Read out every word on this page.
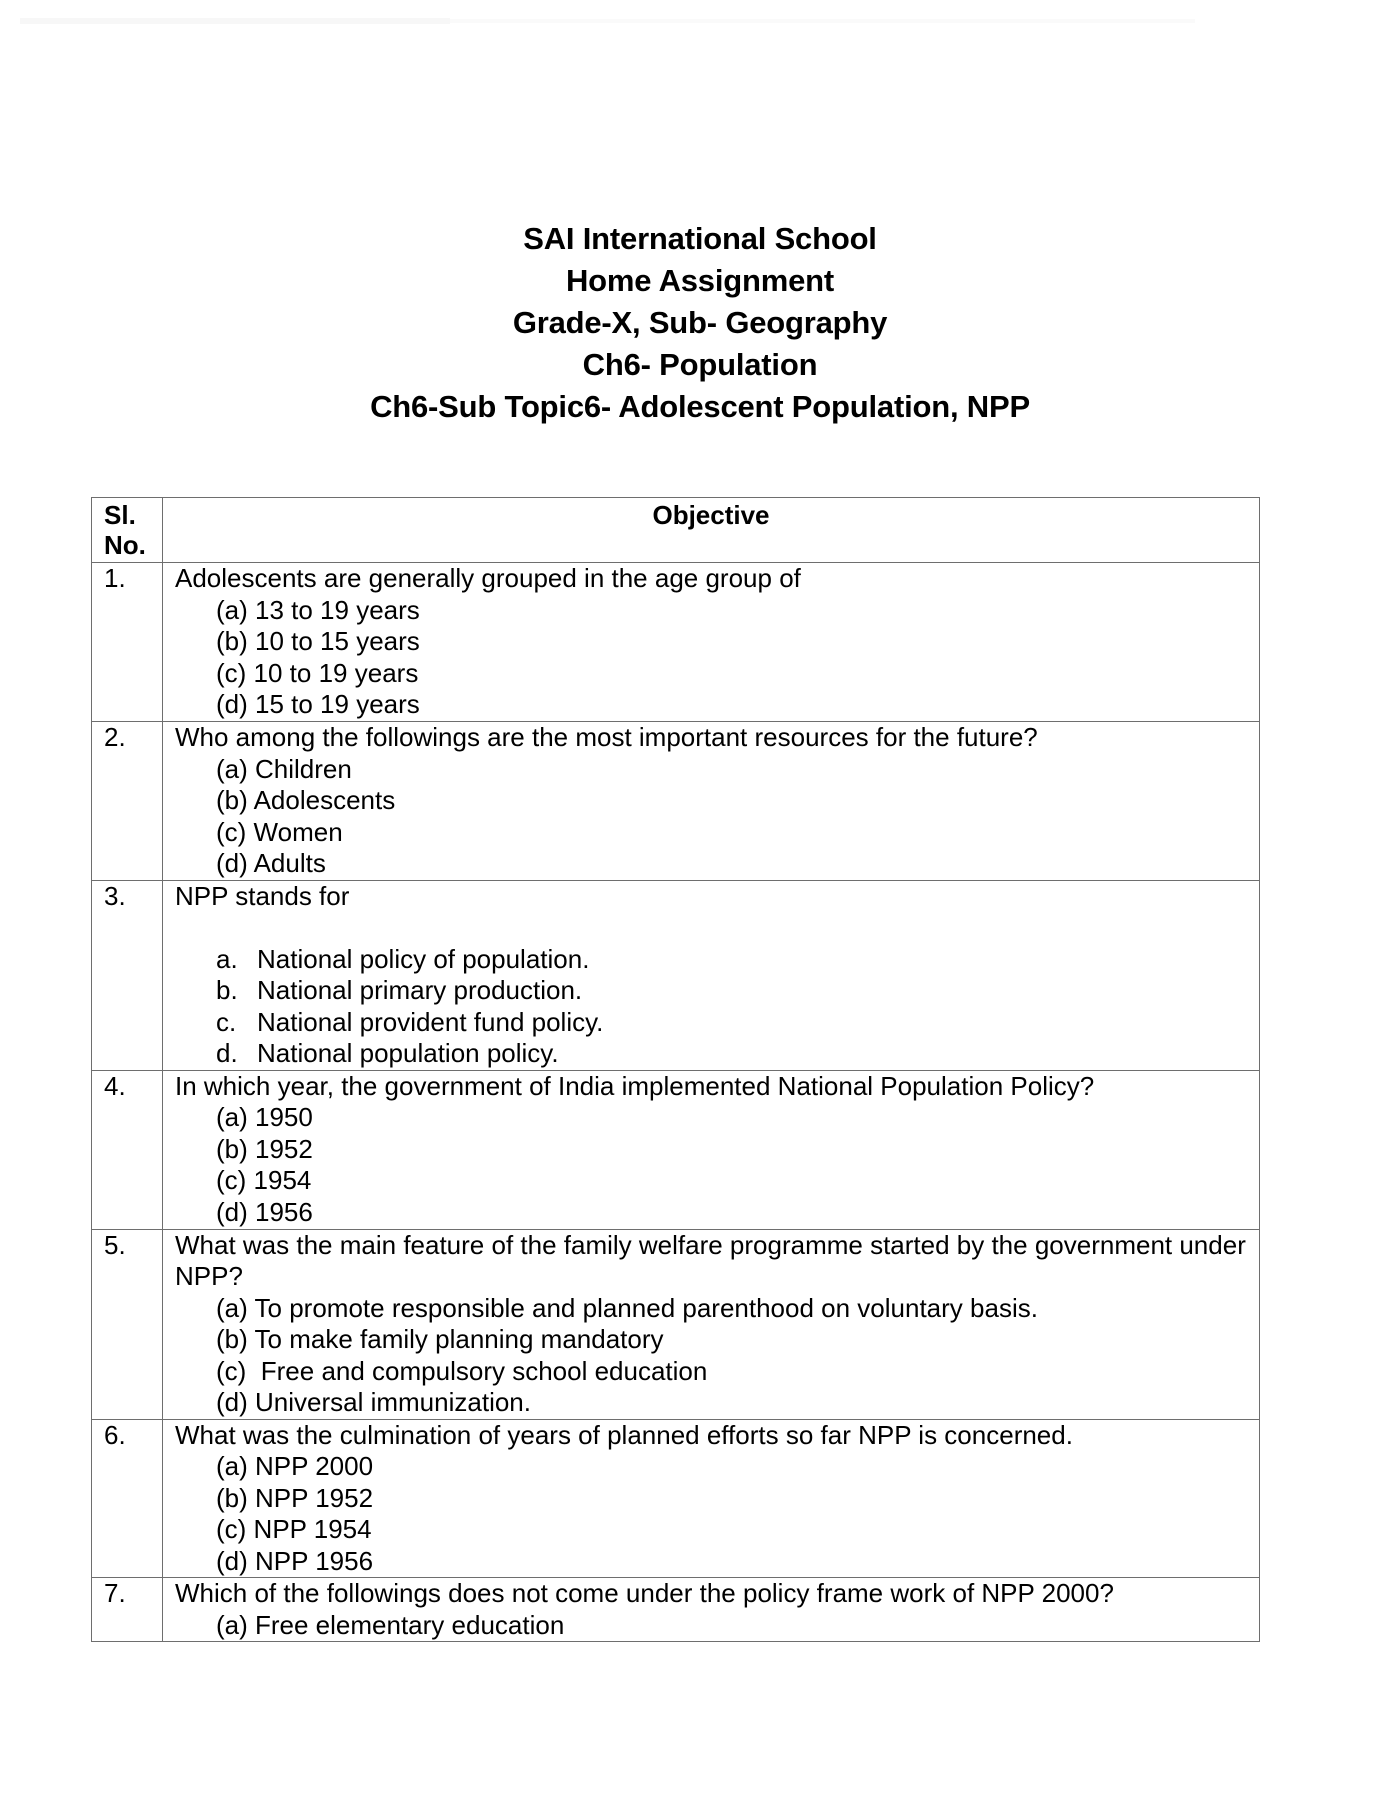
SAI International School
Home Assignment
Grade-X, Sub- Geography
Ch6- Population
Ch6-Sub Topic6- Adolescent Population, NPP
Sl.
No.	Objective
1.	Adolescents are generally grouped in the age group of
(a) 13 to 19 years
(b) 10 to 15 years
(c) 10 to 19 years
(d) 15 to 19 years

2.	Who among the followings are the most important resources for the future?
(a) Children
(b) Adolescents
(c) Women
(d) Adults

3.	NPP stands for
a. National policy of population.
b. National primary production.
c. National provident fund policy.
d. National population policy.

4.	In which year, the government of India implemented National Population Policy?
(a) 1950
(b) 1952
(c) 1954
(d) 1956

5.	What was the main feature of the family welfare programme started by the government under NPP?
(a) To promote responsible and planned parenthood on voluntary basis.
(b) To make family planning mandatory
(c)  Free and compulsory school education
(d) Universal immunization.

6.	What was the culmination of years of planned efforts so far NPP is concerned.
(a) NPP 2000
(b) NPP 1952
(c) NPP 1954
(d) NPP 1956

7.	Which of the followings does not come under the policy frame work of NPP 2000?
(a) Free elementary education
